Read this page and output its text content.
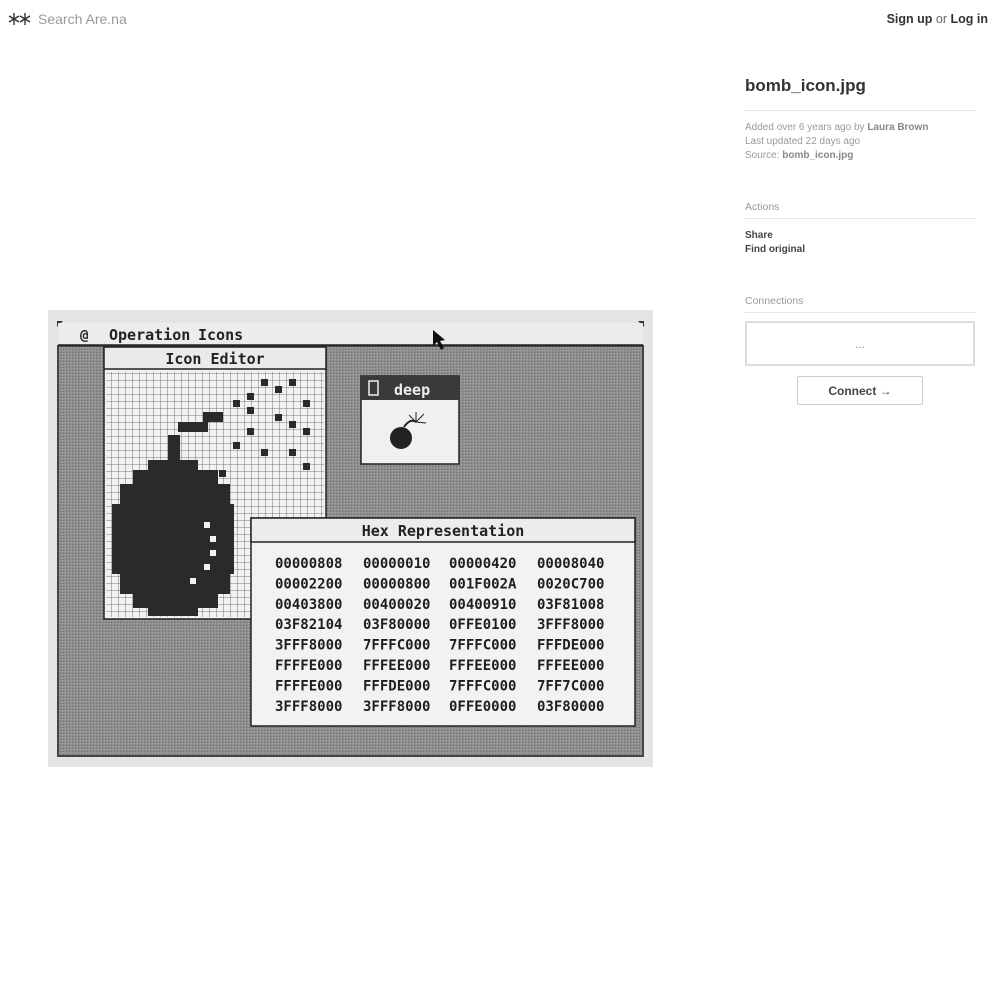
Search Are.na
Sign up or Log in
@ Operation Icons
Icon Editor
deep
Hex Representation
00000808 00000010 00000420 00008040
00002200 00000800 001F002A 0020C700
00403800 00400020 00400910 03F81008
03F82104 03F80000 0FFE0100 3FFF8000
3FFF8000 7FFFC000 7FFFC000 FFFDE000
FFFFE000 FFFEE000 FFFEE000 FFFEE000
FFFFE000 FFFDE000 7FFFC000 7FF7C000
3FFF8000 3FFF8000 0FFE0000 03F80000
bomb_icon.jpg
Added over 6 years ago by Laura Brown
Last updated 22 days ago
Source: bomb_icon.jpg
Actions
Share
Find original
Connections
...
Connect →
